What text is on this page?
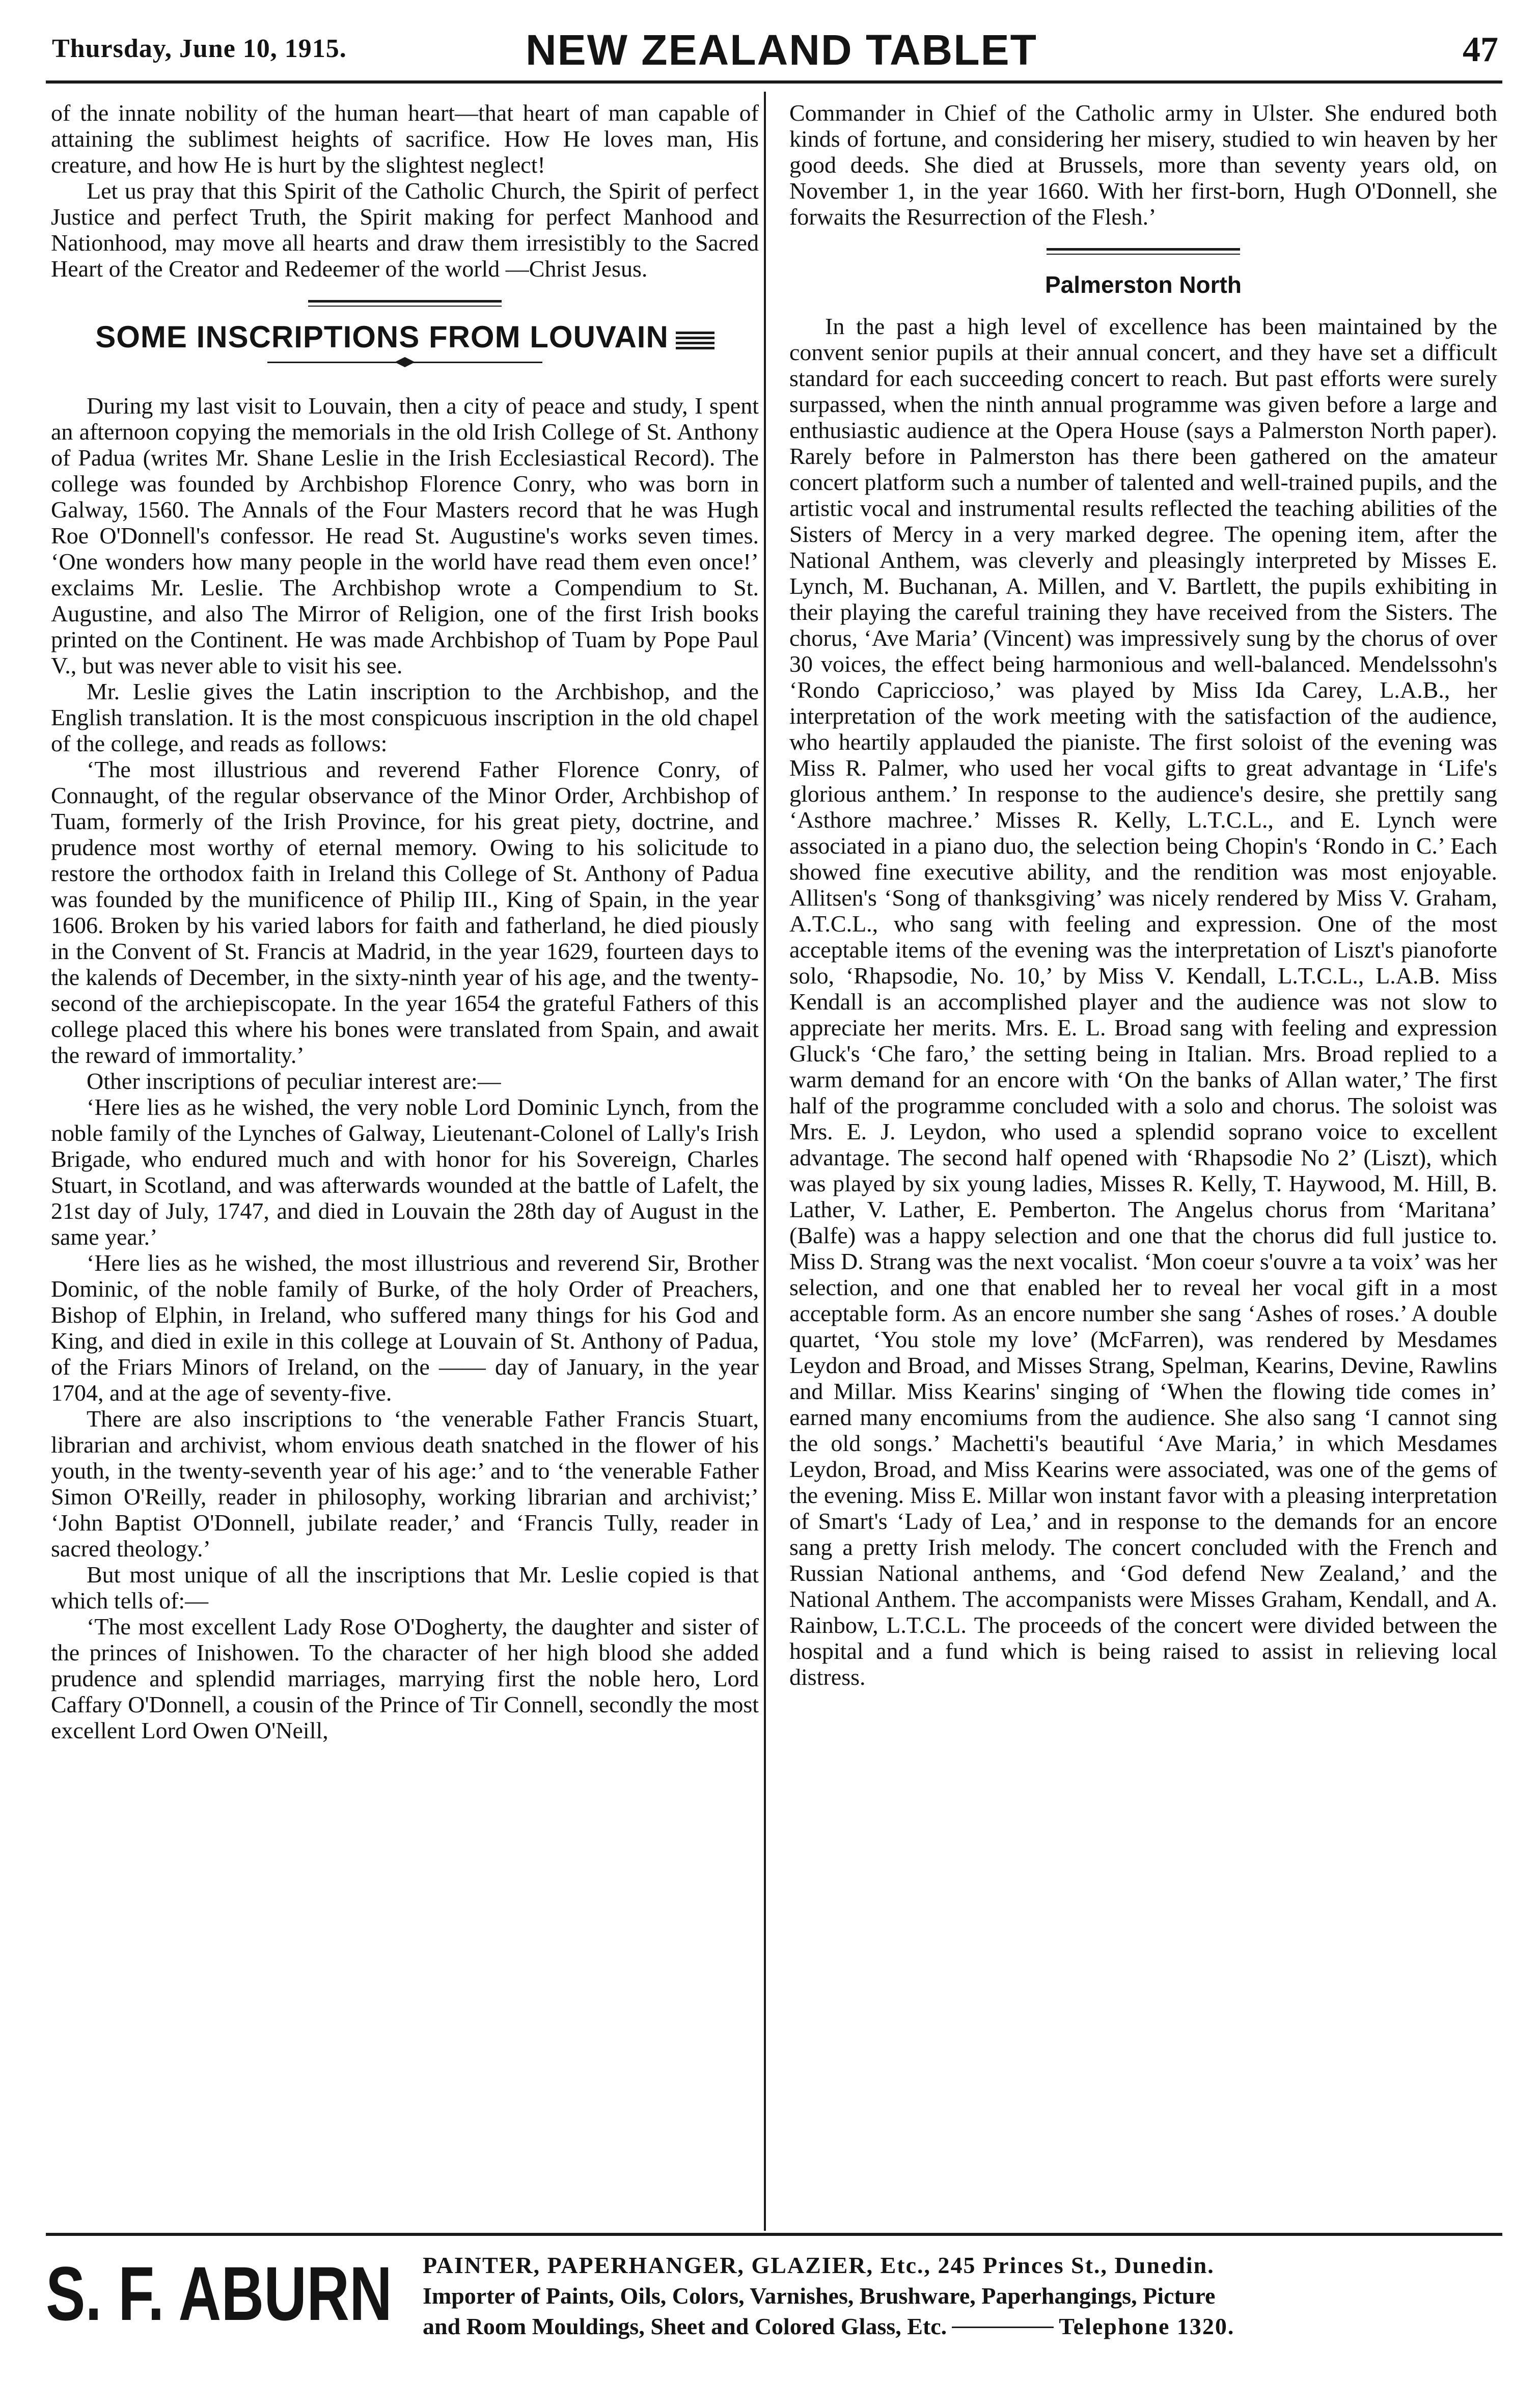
Thursday, June 10, 1915.	NEW ZEALAND TABLET	47

of the innate nobility of the human heart—that heart of man capable of attaining the sublimest heights of sacrifice. How He loves man, His creature, and how He is hurt by the slightest neglect!

Let us pray that this Spirit of the Catholic Church, the Spirit of perfect Justice and perfect Truth, the Spirit making for perfect Manhood and Nationhood, may move all hearts and draw them irresistibly to the Sacred Heart of the Creator and Redeemer of the world —Christ Jesus.

SOME INSCRIPTIONS FROM LOUVAIN

During my last visit to Louvain, then a city of peace and study, I spent an afternoon copying the memorials in the old Irish College of St. Anthony of Padua (writes Mr. Shane Leslie in the Irish Ecclesiastical Record). The college was founded by Archbishop Florence Conry, who was born in Galway, 1560. The Annals of the Four Masters record that he was Hugh Roe O'Donnell's confessor. He read St. Augustine's works seven times. ‘One wonders how many people in the world have read them even once!’ exclaims Mr. Leslie. The Archbishop wrote a Compendium to St. Augustine, and also The Mirror of Religion, one of the first Irish books printed on the Continent. He was made Archbishop of Tuam by Pope Paul V., but was never able to visit his see.

Mr. Leslie gives the Latin inscription to the Archbishop, and the English translation. It is the most conspicuous inscription in the old chapel of the college, and reads as follows:

‘The most illustrious and reverend Father Florence Conry, of Connaught, of the regular observance of the Minor Order, Archbishop of Tuam, formerly of the Irish Province, for his great piety, doctrine, and prudence most worthy of eternal memory. Owing to his solicitude to restore the orthodox faith in Ireland this College of St. Anthony of Padua was founded by the munificence of Philip III., King of Spain, in the year 1606. Broken by his varied labors for faith and fatherland, he died piously in the Convent of St. Francis at Madrid, in the year 1629, fourteen days to the kalends of December, in the sixty-ninth year of his age, and the twenty-second of the archiepiscopate. In the year 1654 the grateful Fathers of this college placed this where his bones were translated from Spain, and await the reward of immortality.’

Other inscriptions of peculiar interest are:—

‘Here lies as he wished, the very noble Lord Dominic Lynch, from the noble family of the Lynches of Galway, Lieutenant-Colonel of Lally's Irish Brigade, who endured much and with honor for his Sovereign, Charles Stuart, in Scotland, and was afterwards wounded at the battle of Lafelt, the 21st day of July, 1747, and died in Louvain the 28th day of August in the same year.’

‘Here lies as he wished, the most illustrious and reverend Sir, Brother Dominic, of the noble family of Burke, of the holy Order of Preachers, Bishop of Elphin, in Ireland, who suffered many things for his God and King, and died in exile in this college at Louvain of St. Anthony of Padua, of the Friars Minors of Ireland, on the —— day of January, in the year 1704, and at the age of seventy-five.

There are also inscriptions to ‘the venerable Father Francis Stuart, librarian and archivist, whom envious death snatched in the flower of his youth, in the twenty-seventh year of his age:’ and to ‘the venerable Father Simon O'Reilly, reader in philosophy, working librarian and archivist;’ ‘John Baptist O'Donnell, jubilate reader,’ and ‘Francis Tully, reader in sacred theology.’

But most unique of all the inscriptions that Mr. Leslie copied is that which tells of:—

‘The most excellent Lady Rose O'Dogherty, the daughter and sister of the princes of Inishowen. To the character of her high blood she added prudence and splendid marriages, marrying first the noble hero, Lord Caffary O'Donnell, a cousin of the Prince of Tir Connell, secondly the most excellent Lord Owen O'Neill,

Commander in Chief of the Catholic army in Ulster. She endured both kinds of fortune, and considering her misery, studied to win heaven by her good deeds. She died at Brussels, more than seventy years old, on November 1, in the year 1660. With her first-born, Hugh O'Donnell, she forwaits the Resurrection of the Flesh.’

Palmerston North

In the past a high level of excellence has been maintained by the convent senior pupils at their annual concert, and they have set a difficult standard for each succeeding concert to reach. But past efforts were surely surpassed, when the ninth annual programme was given before a large and enthusiastic audience at the Opera House (says a Palmerston North paper). Rarely before in Palmerston has there been gathered on the amateur concert platform such a number of talented and well-trained pupils, and the artistic vocal and instrumental results reflected the teaching abilities of the Sisters of Mercy in a very marked degree. The opening item, after the National Anthem, was cleverly and pleasingly interpreted by Misses E. Lynch, M. Buchanan, A. Millen, and V. Bartlett, the pupils exhibiting in their playing the careful training they have received from the Sisters. The chorus, ‘Ave Maria’ (Vincent) was impressively sung by the chorus of over 30 voices, the effect being harmonious and well-balanced. Mendelssohn's ‘Rondo Capriccioso,’ was played by Miss Ida Carey, L.A.B., her interpretation of the work meeting with the satisfaction of the audience, who heartily applauded the pianiste. The first soloist of the evening was Miss R. Palmer, who used her vocal gifts to great advantage in ‘Life's glorious anthem.’ In response to the audience's desire, she prettily sang ‘Asthore machree.’ Misses R. Kelly, L.T.C.L., and E. Lynch were associated in a piano duo, the selection being Chopin's ‘Rondo in C.’ Each showed fine executive ability, and the rendition was most enjoyable. Allitsen's ‘Song of thanksgiving’ was nicely rendered by Miss V. Graham, A.T.C.L., who sang with feeling and expression. One of the most acceptable items of the evening was the interpretation of Liszt's pianoforte solo, ‘Rhapsodie, No. 10,’ by Miss V. Kendall, L.T.C.L., L.A.B. Miss Kendall is an accomplished player and the audience was not slow to appreciate her merits. Mrs. E. L. Broad sang with feeling and expression Gluck's ‘Che faro,’ the setting being in Italian. Mrs. Broad replied to a warm demand for an encore with ‘On the banks of Allan water,’ The first half of the programme concluded with a solo and chorus. The soloist was Mrs. E. J. Leydon, who used a splendid soprano voice to excellent advantage. The second half opened with ‘Rhapsodie No 2’ (Liszt), which was played by six young ladies, Misses R. Kelly, T. Haywood, M. Hill, B. Lather, V. Lather, E. Pemberton. The Angelus chorus from ‘Maritana’ (Balfe) was a happy selection and one that the chorus did full justice to. Miss D. Strang was the next vocalist. ‘Mon coeur s'ouvre a ta voix’ was her selection, and one that enabled her to reveal her vocal gift in a most acceptable form. As an encore number she sang ‘Ashes of roses.’ A double quartet, ‘You stole my love’ (McFarren), was rendered by Mesdames Leydon and Broad, and Misses Strang, Spelman, Kearins, Devine, Rawlins and Millar. Miss Kearins' singing of ‘When the flowing tide comes in’ earned many encomiums from the audience. She also sang ‘I cannot sing the old songs.’ Machetti's beautiful ‘Ave Maria,’ in which Mesdames Leydon, Broad, and Miss Kearins were associated, was one of the gems of the evening. Miss E. Millar won instant favor with a pleasing interpretation of Smart's ‘Lady of Lea,’ and in response to the demands for an encore sang a pretty Irish melody. The concert concluded with the French and Russian National anthems, and ‘God defend New Zealand,’ and the National Anthem. The accompanists were Misses Graham, Kendall, and A. Rainbow, L.T.C.L. The proceeds of the concert were divided between the hospital and a fund which is being raised to assist in relieving local distress.

S. F. ABURN PAINTER, PAPERHANGER, GLAZIER, Etc., 245 Princes St., Dunedin.
Importer of Paints, Oils, Colors, Varnishes, Brushware, Paperhangings, Picture
and Room Mouldings, Sheet and Colored Glass, Etc.	Telephone 1320.
